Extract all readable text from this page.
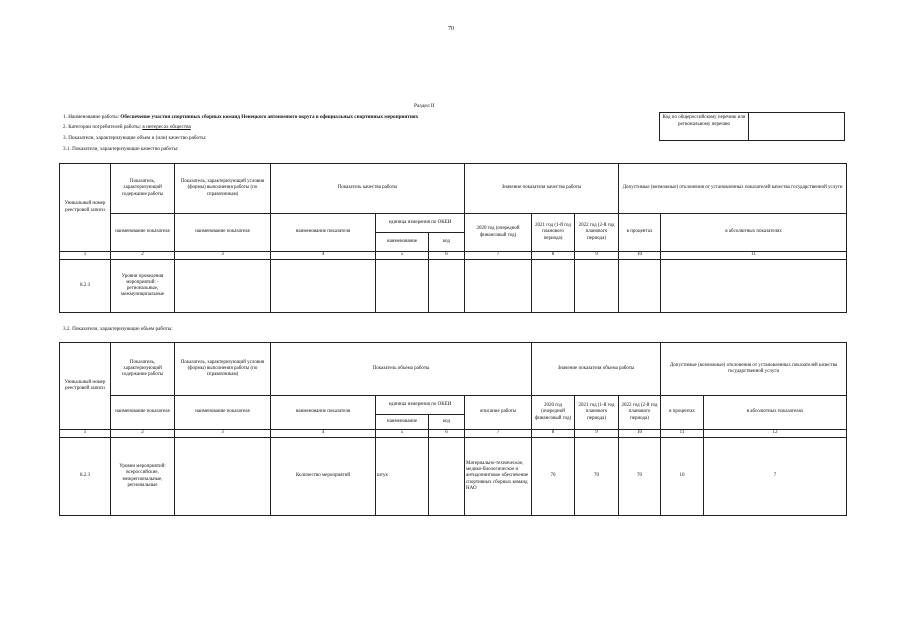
70
Раздел II
1. Наименование работы: Обеспечение участия спортивных сборных команд Ненецкого автономного округа в официальных спортивных мероприятиях
2. Категории потребителей работы: в интересах общества
3. Показатели, характеризующие объем и (или) качество работы:
3.1. Показатели, характеризующие качество работы:
Код по общероссийскому перечню или региональному перечню
Уникальный номер реестровой записи	Показатель, характеризующий содержание работы	Показатель, характеризующий условия (формы) выполнения работы (по справочникам)	Показатель качества работы			Значение показателя качества работы			Допустимые (возможные) отклонения от установленных показателей качества государственной услуги	
	наименование показателя	наименование показателя	наименование показателя	единица измерения по ОКЕИ		2020 год (очередной финансовый год)	2021 год (1-й год планового периода)	2022 год (2-й год планового периода)	в процентах	в абсолютных показателях
				наименование	код					
1	2	3	4	5	6	7	8	9	10	11
8.2.3	Уровни проведения мероприятий: - региональные, межмуниципальные									
3.2. Показатели, характеризующие объем работы:
Уникальный номер реестровой записи	Показатель, характеризующий содержание работы	Показатель, характеризующий условия (формы) выполнения работы (по справочникам)	Показатель объема работы				Значение показателя объема работы			Допустимые (возможные) отклонения от установленных показателей качества государственной услуги	
	наименование показателя	наименование показателя	наименование показателя	единица измерения по ОКЕИ		описание работы	2020 год (очередной финансовый год)	2021 год (1-й год планового периода)	2022 год (2-й год планового периода)	в процентах	в абсолютных показателях
				наименование	код						
1	2	3	4	5	6	7	8	9	10	11	12
8.2.3	Уровни мероприятий: всероссийские, межрегиональные, региональные		Количество мероприятий	штук		Материально-техническое, медико-биологическое и антидопинговое обеспечение спортивных сборных команд НАО	70	70	70	10	7
